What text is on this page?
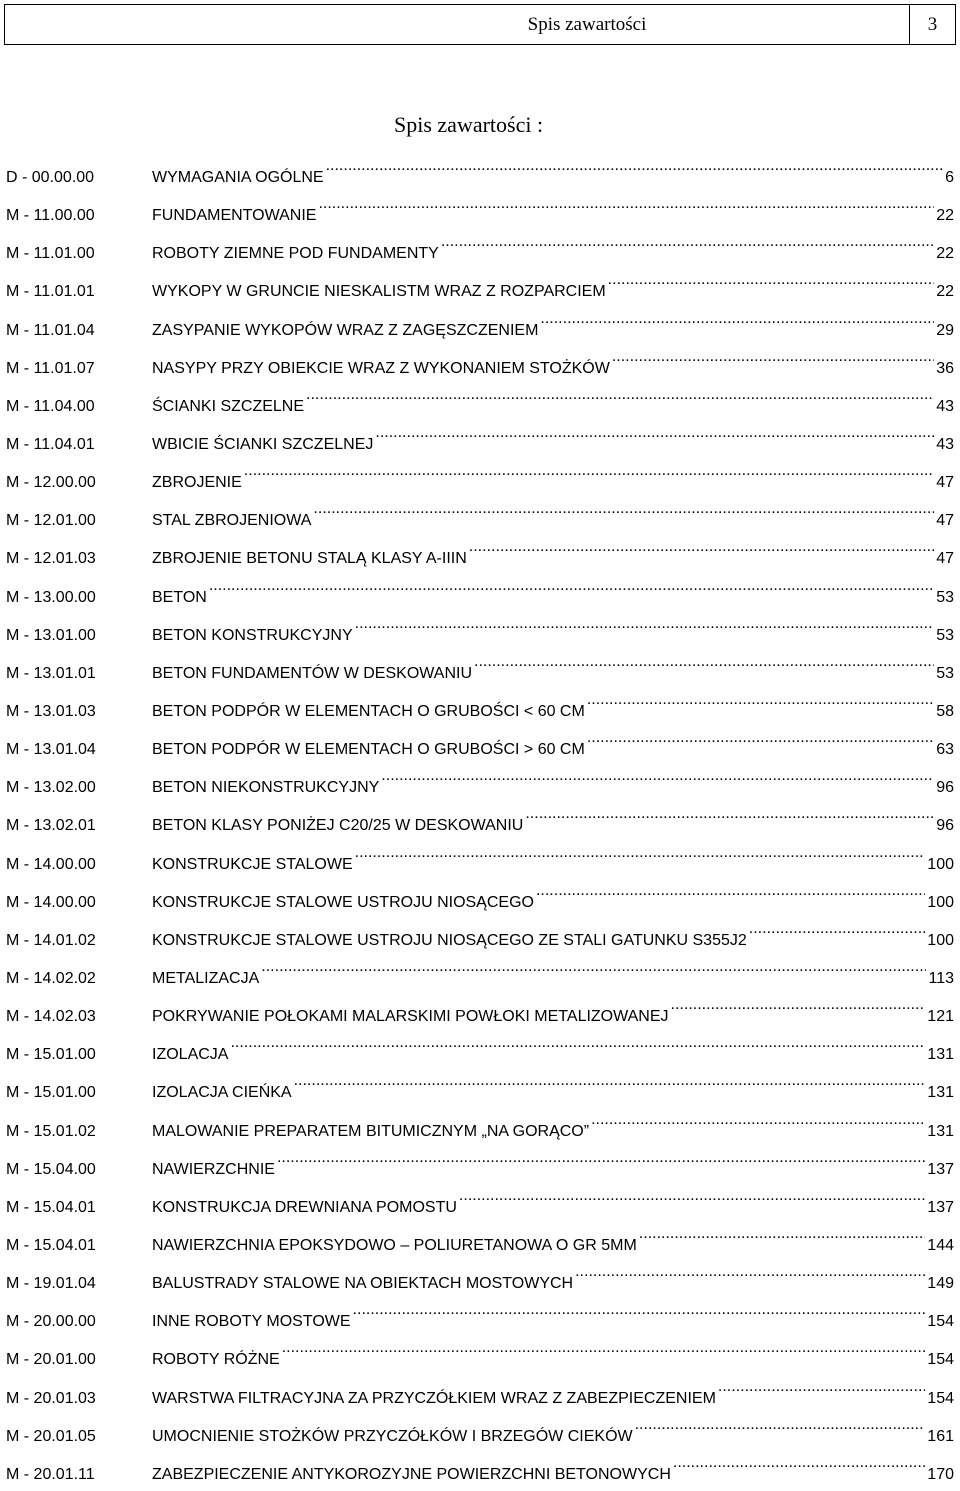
Spis zawartości	3
Spis zawartości :
D - 00.00.00	WYMAGANIA OGÓLNE .....	6
M - 11.00.00	FUNDAMENTOWANIE .....	22
M - 11.01.00	ROBOTY ZIEMNE POD FUNDAMENTY .....	22
M - 11.01.01	WYKOPY W GRUNCIE NIESKALISTM WRAZ Z ROZPARCIEM .....	22
M - 11.01.04	ZASYPANIE WYKOPÓW WRAZ Z ZAGĘSZCZENIEM .....	29
M - 11.01.07	NASYPY PRZY OBIEKCIE WRAZ Z WYKONANIEM STOŻKÓW .....	36
M - 11.04.00	ŚCIANKI SZCZELNE .....	43
M - 11.04.01	WBICIE ŚCIANKI SZCZELNEJ .....	43
M - 12.00.00	ZBROJENIE .....	47
M - 12.01.00	STAL ZBROJENIOWA .....	47
M - 12.01.03	ZBROJENIE BETONU STALĄ KLASY A-IIIN .....	47
M - 13.00.00	BETON .....	53
M - 13.01.00	BETON KONSTRUKCYJNY .....	53
M - 13.01.01	BETON FUNDAMENTÓW W DESKOWANIU .....	53
M - 13.01.03	BETON PODPÓR W ELEMENTACH O GRUBOŚCI < 60 CM .....	58
M - 13.01.04	BETON PODPÓR W ELEMENTACH O GRUBOŚCI > 60 CM .....	63
M - 13.02.00	BETON NIEKONSTRUKCYJNY .....	96
M - 13.02.01	BETON KLASY PONIŻEJ C20/25 W DESKOWANIU .....	96
M - 14.00.00	KONSTRUKCJE STALOWE .....	100
M - 14.00.00	KONSTRUKCJE STALOWE USTROJU NIOSĄCEGO .....	100
M - 14.01.02	KONSTRUKCJE STALOWE USTROJU NIOSĄCEGO ZE STALI GATUNKU S355J2 .....	100
M - 14.02.02	METALIZACJA .....	113
M - 14.02.03	POKRYWANIE POŁOKAMI MALARSKIMI POWŁOKI METALIZOWANEJ .....	121
M - 15.01.00	IZOLACJA .....	131
M - 15.01.00	IZOLACJA CIEŃKA .....	131
M - 15.01.02	MALOWANIE PREPARATEM BITUMICZNYM „NA GORĄCO” .....	131
M - 15.04.00	NAWIERZCHNIE .....	137
M - 15.04.01	KONSTRUKCJA DREWNIANA POMOSTU .....	137
M - 15.04.01	NAWIERZCHNIA EPOKSYDOWO – POLIURETANOWA O GR 5MM .....	144
M - 19.01.04	BALUSTRADY STALOWE NA OBIEKTACH MOSTOWYCH .....	149
M - 20.00.00	INNE ROBOTY MOSTOWE .....	154
M - 20.01.00	ROBOTY RÓŻNE .....	154
M - 20.01.03	WARSTWA FILTRACYJNA ZA PRZYCZÓŁKIEM WRAZ Z ZABEZPIECZENIEM .....	154
M - 20.01.05	UMOCNIENIE STOŻKÓW PRZYCZÓŁKÓW I BRZEGÓW CIEKÓW .....	161
M - 20.01.11	ZABEZPIECZENIE ANTYKOROZYJNE POWIERZCHNI BETONOWYCH .....	170
